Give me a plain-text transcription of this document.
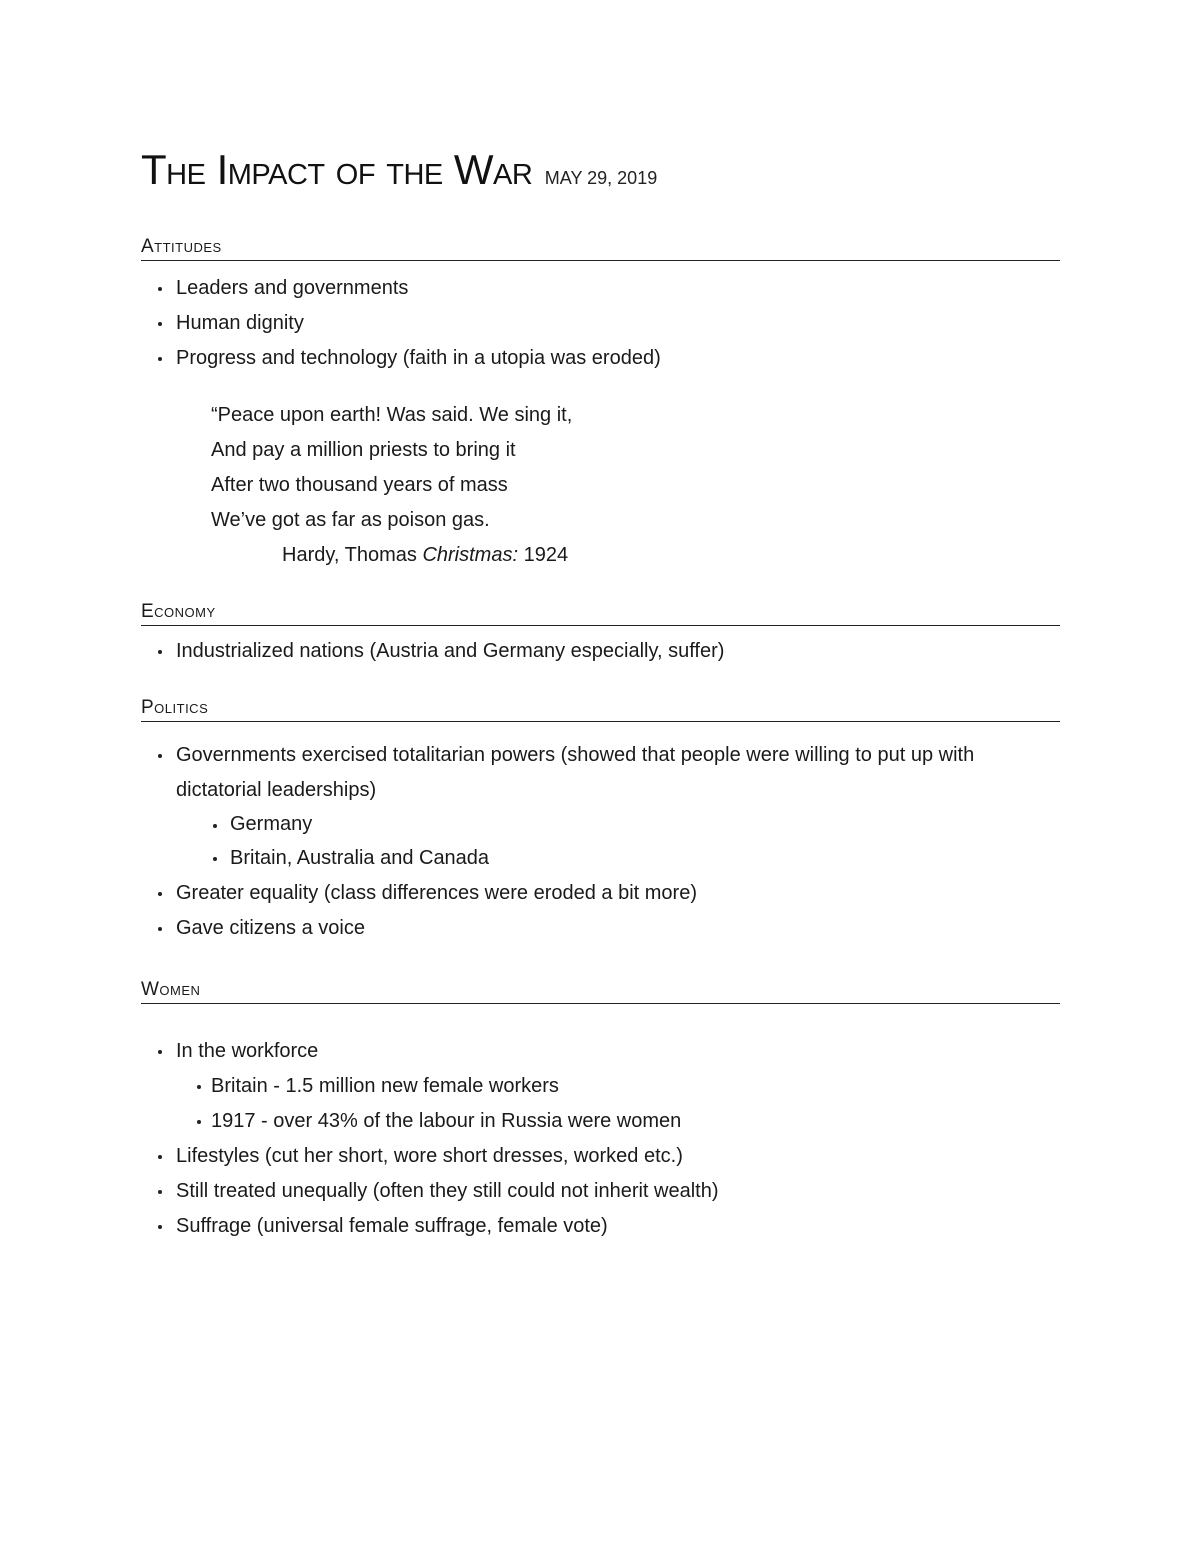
The Impact of the War MAY 29, 2019
Attitudes
Leaders and governments
Human dignity
Progress and technology (faith in a utopia was eroded)
“Peace upon earth! Was said. We sing it,
And pay a million priests to bring it
After two thousand years of mass
We’ve got as far as poison gas.
Hardy, Thomas Christmas: 1924
Economy
Industrialized nations (Austria and Germany especially, suffer)
Politics
Governments exercised totalitarian powers (showed that people were willing to put up with
dictatorial leaderships)
Germany
Britain, Australia and Canada
Greater equality (class differences were eroded a bit more)
Gave citizens a voice
Women
In the workforce
Britain - 1.5 million new female workers
1917 - over 43% of the labour in Russia were women
Lifestyles (cut her short, wore short dresses, worked etc.)
Still treated unequally (often they still could not inherit wealth)
Suffrage (universal female suffrage, female vote)
